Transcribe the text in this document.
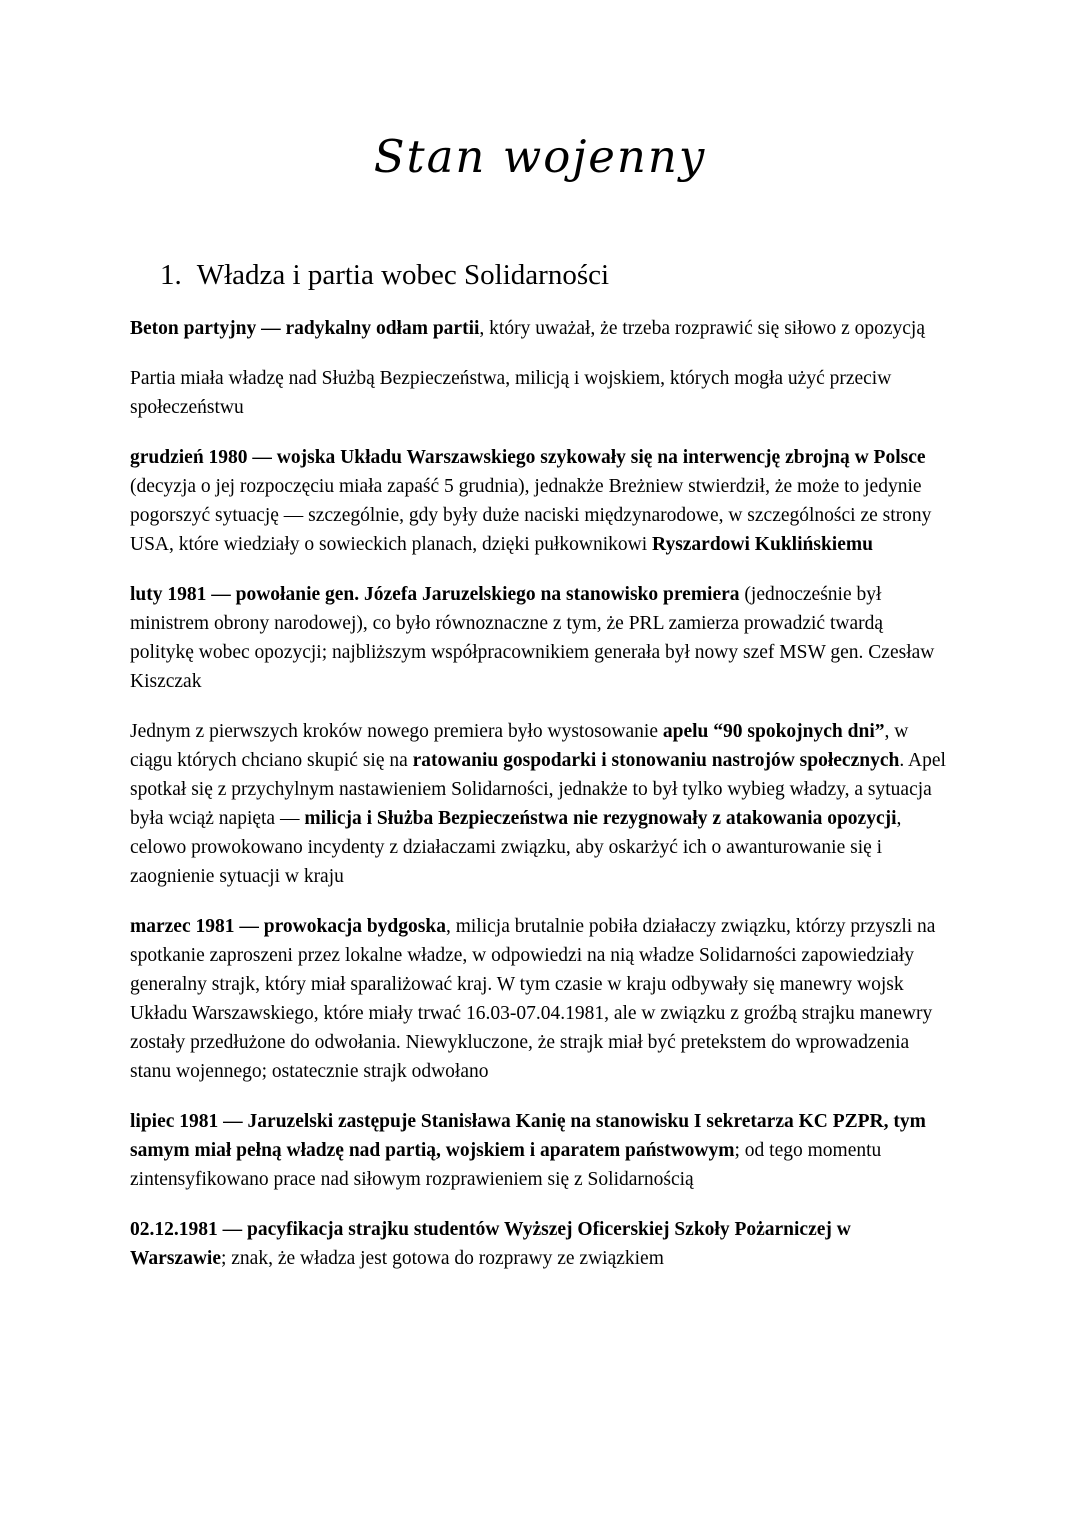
Stan wojenny
1. Władza i partia wobec Solidarności

Beton partyjny — radykalny odłam partii, który uważał, że trzeba rozprawić się siłowo z opozycją

Partia miała władzę nad Służbą Bezpieczeństwa, milicją i wojskiem, których mogła użyć przeciw społeczeństwu

grudzień 1980 — wojska Układu Warszawskiego szykowały się na interwencję zbrojną w Polsce (decyzja o jej rozpoczęciu miała zapaść 5 grudnia), jednakże Breżniew stwierdził, że może to jedynie pogorszyć sytuację — szczególnie, gdy były duże naciski międzynarodowe, w szczególności ze strony USA, które wiedziały o sowieckich planach, dzięki pułkownikowi Ryszardowi Kuklińskiemu

luty 1981 — powołanie gen. Józefa Jaruzelskiego na stanowisko premiera (jednocześnie był ministrem obrony narodowej), co było równoznaczne z tym, że PRL zamierza prowadzić twardą politykę wobec opozycji; najbliższym współpracownikiem generała był nowy szef MSW gen. Czesław Kiszczak

Jednym z pierwszych kroków nowego premiera było wystosowanie apelu “90 spokojnych dni”, w ciągu których chciano skupić się na ratowaniu gospodarki i stonowaniu nastrojów społecznych. Apel spotkał się z przychylnym nastawieniem Solidarności, jednakże to był tylko wybieg władzy, a sytuacja była wciąż napięta — milicja i Służba Bezpieczeństwa nie rezygnowały z atakowania opozycji, celowo prowokowano incydenty z działaczami związku, aby oskarżyć ich o awanturowanie się i zaognienie sytuacji w kraju

marzec 1981 — prowokacja bydgoska, milicja brutalnie pobiła działaczy związku, którzy przyszli na spotkanie zaproszeni przez lokalne władze, w odpowiedzi na nią władze Solidarności zapowiedziały generalny strajk, który miał sparaliżować kraj. W tym czasie w kraju odbywały się manewry wojsk Układu Warszawskiego, które miały trwać 16.03-07.04.1981, ale w związku z groźbą strajku manewry zostały przedłużone do odwołania. Niewykluczone, że strajk miał być pretekstem do wprowadzenia stanu wojennego; ostatecznie strajk odwołano

lipiec 1981 — Jaruzelski zastępuje Stanisława Kanię na stanowisku I sekretarza KC PZPR, tym samym miał pełną władzę nad partią, wojskiem i aparatem państwowym; od tego momentu zintensyfikowano prace nad siłowym rozprawieniem się z Solidarnością

02.12.1981 — pacyfikacja strajku studentów Wyższej Oficerskiej Szkoły Pożarniczej w Warszawie; znak, że władza jest gotowa do rozprawy ze związkiem
